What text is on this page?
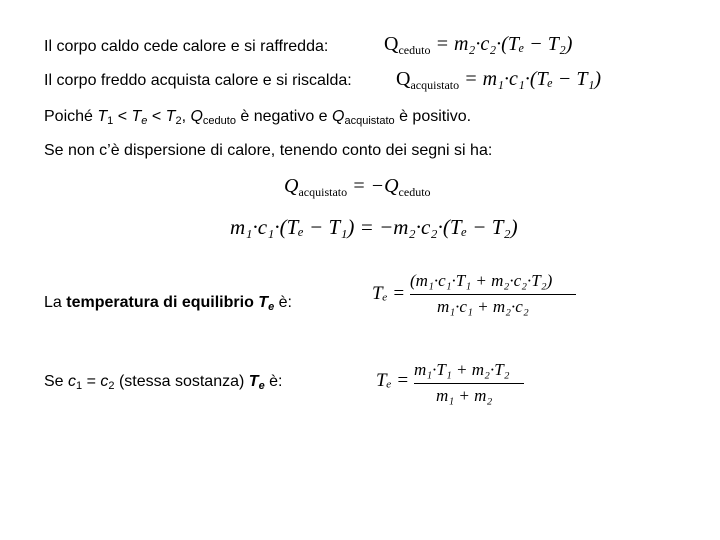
Il corpo caldo cede calore e si raffredda:	$Q_{ceduto} = m_2\cdot c_2\cdot(T_e - T_2)$
Il corpo freddo acquista calore e si riscalda: $Q_{acquistato} = m_1\cdot c_1\cdot(T_e - T_1)$
Poiché $T_1 < T_e < T_2$, $Q_{ceduto}$ è negativo e $Q_{acquistato}$ è positivo.
Se non c’è dispersione di calore, tenendo conto dei segni si ha:
$Q_{acquistato} = -Q_{ceduto}$
m₁·c₁·(Tₑ − T₁) = −m₂·c₂·(Tₑ − T₂)
La temperatura di equilibrio $T_e$ è:	Tₑ =
(m₁·c₁·T₁ + m₂·c₂·T₂)
m₁·c₁ + m₂·c₂
Se $c_1 = c_2$ (stessa sostanza) $T_e$ è:	Tₑ =
m₁·T₁ + m₂·T₂
m₁ + m₂
